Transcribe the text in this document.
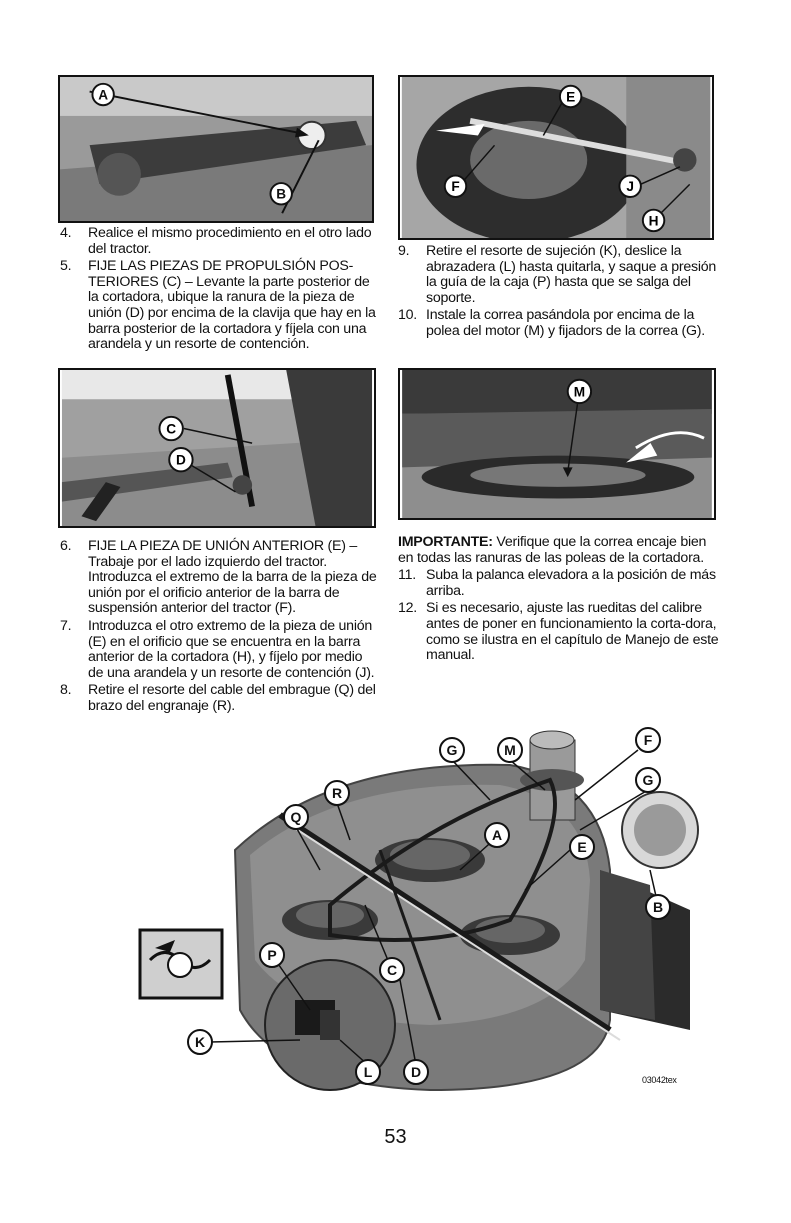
A
B
E
F	J
H
4. Realice el mismo procedimiento en el otro lado del tractor.
5. FIJE LAS PIEZAS DE PROPULSIÓN POS-TERIORES (C) – Levante la parte posterior de la cortadora, ubique la ranura de la pieza de unión (D) por encima de la clavija que hay en la barra posterior de la cortadora y fíjela con una arandela y un resorte de contención.
9. Retire el resorte de sujeción (K), deslice la abrazadera (L) hasta quitarla, y saque a presión la guía de la caja (P) hasta que se salga del soporte.
10. Instale la correa pasándola por encima de la polea del motor (M) y fijadors de la correa (G).
C
D
M
6. FIJE LA PIEZA DE UNIÓN ANTERIOR (E) – Trabaje por el lado izquierdo del tractor. Introduzca el extremo de la barra de la pieza de unión por el orificio anterior de la barra de suspensión anterior del tractor (F).
7. Introduzca el otro extremo de la pieza de unión (E) en el orificio que se encuentra en la barra anterior de la cortadora (H), y fíjelo por medio de una arandela y un resorte de contención (J).
8. Retire el resorte del cable del embrague (Q) del brazo del engranaje (R).
IMPORTANTE: Verifique que la correa encaje bien en todas las ranuras de las poleas de la cortadora.
11. Suba la palanca elevadora a la posición de más arriba.
12. Si es necesario, ajuste las rueditas del calibre antes de poner en funcionamiento la corta-dora, como se ilustra en el capítulo de Manejo de este manual.
G	M
F
R
Q
G
A
E
B
P
C
K
L	D	03042tex
53
